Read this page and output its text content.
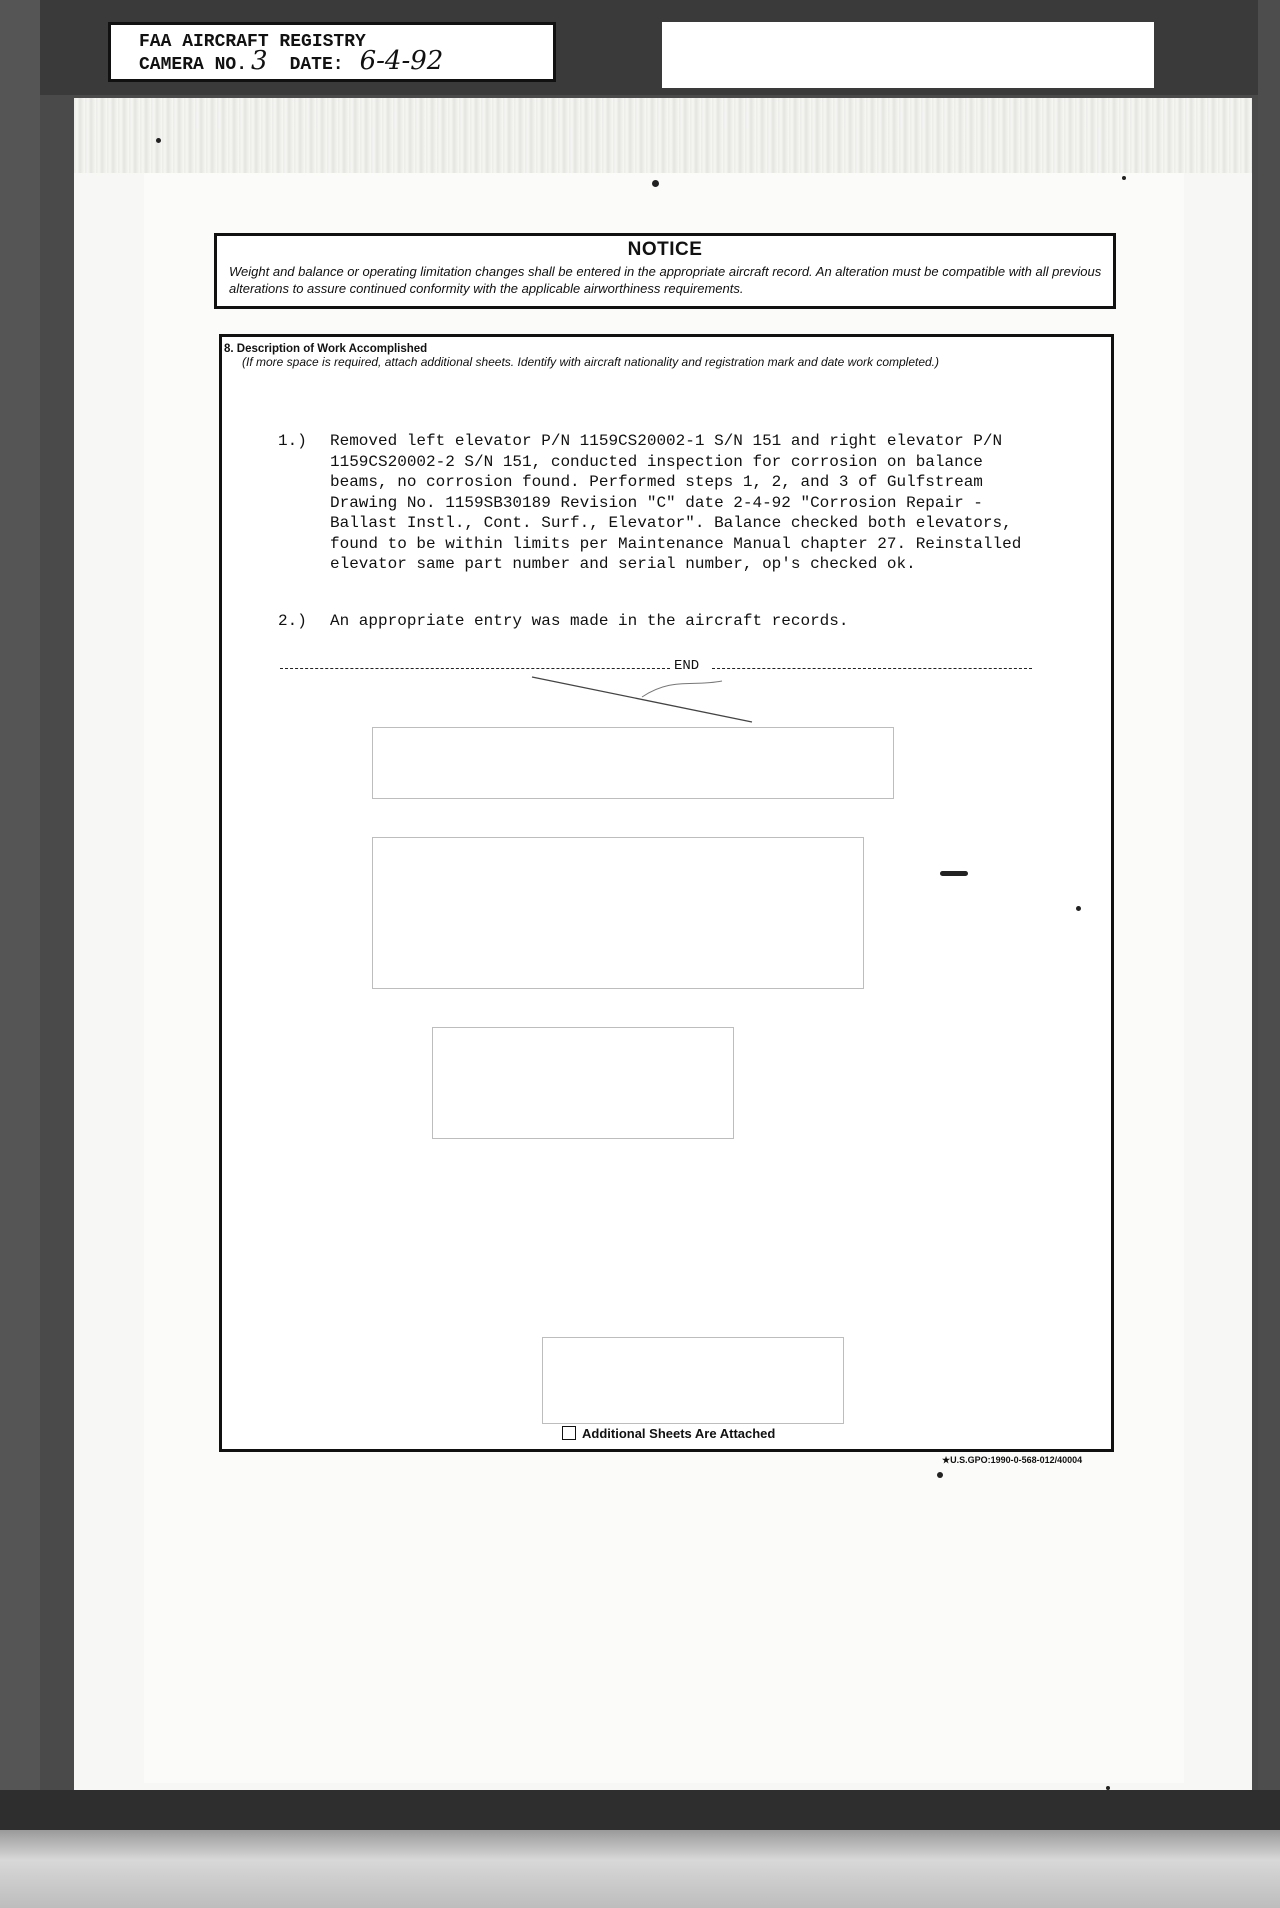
FAA AIRCRAFT REGISTRY
CAMERA NO. 3 DATE: 6-4-92
NOTICE
Weight and balance or operating limitation changes shall be entered in the appropriate aircraft record. An alteration must be compatible with all previous alterations to assure continued conformity with the applicable airworthiness requirements.
8. Description of Work Accomplished
(If more space is required, attach additional sheets. Identify with aircraft nationality and registration mark and date work completed.)
1.) Removed left elevator P/N 1159CS20002-1 S/N 151 and right elevator P/N 1159CS20002-2 S/N 151, conducted inspection for corrosion on balance beams, no corrosion found. Performed steps 1, 2, and 3 of Gulfstream Drawing No. 1159SB30189 Revision "C" date 2-4-92 "Corrosion Repair - Ballast Instl., Cont. Surf., Elevator". Balance checked both elevators, found to be within limits per Maintenance Manual chapter 27. Reinstalled elevator same part number and serial number, op's checked ok.
2.) An appropriate entry was made in the aircraft records.
END
Additional Sheets Are Attached
★U.S.GPO:1990-0-568-012/40004
